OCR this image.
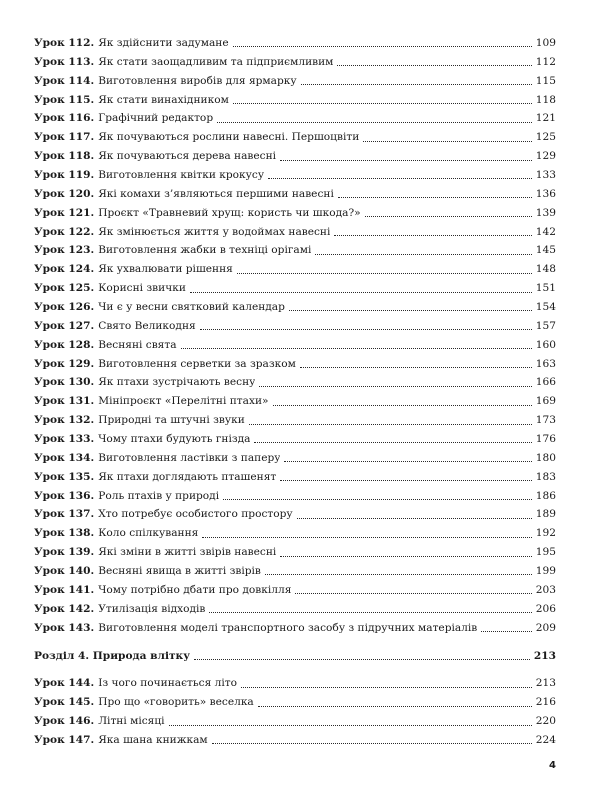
Урок 112. Як здійснити задумане	109
Урок 113. Як стати заощадливим та підприємливим	112
Урок 114. Виготовлення виробів для ярмарку	115
Урок 115. Як стати винахідником	118
Урок 116. Графічний редактор	121
Урок 117. Як почуваються рослини навесні. Першоцвіти	125
Урок 118. Як почуваються дерева навесні	129
Урок 119. Виготовлення квітки крокусу	133
Урок 120. Які комахи з’являються першими навесні	136
Урок 121. Проєкт «Травневий хрущ: користь чи шкода?»	139
Урок 122. Як змінюється життя у водоймах навесні	142
Урок 123. Виготовлення жабки в техніці орігамі	145
Урок 124. Як ухвалювати рішення	148
Урок 125. Корисні звички	151
Урок 126. Чи є у весни святковий календар	154
Урок 127. Свято Великодня	157
Урок 128. Весняні свята	160
Урок 129. Виготовлення серветки за зразком	163
Урок 130. Як птахи зустрічають весну	166
Урок 131. Мініпроєкт «Перелітні птахи»	169
Урок 132. Природні та штучні звуки	173
Урок 133. Чому птахи будують гнізда	176
Урок 134. Виготовлення ластівки з паперу	180
Урок 135. Як птахи доглядають пташенят	183
Урок 136. Роль птахів у природі	186
Урок 137. Хто потребує особистого простору	189
Урок 138. Коло спілкування	192
Урок 139. Які зміни в житті звірів навесні	195
Урок 140. Весняні явища в житті звірів	199
Урок 141. Чому потрібно дбати про довкілля	203
Урок 142. Утилізація відходів	206
Урок 143. Виготовлення моделі транспортного засобу з підручних матеріалів	209
Розділ 4. Природа влітку	213
Урок 144. Із чого починається літо	213
Урок 145. Про що «говорить» веселка	216
Урок 146. Літні місяці	220
Урок 147. Яка шана книжкам	224
4
